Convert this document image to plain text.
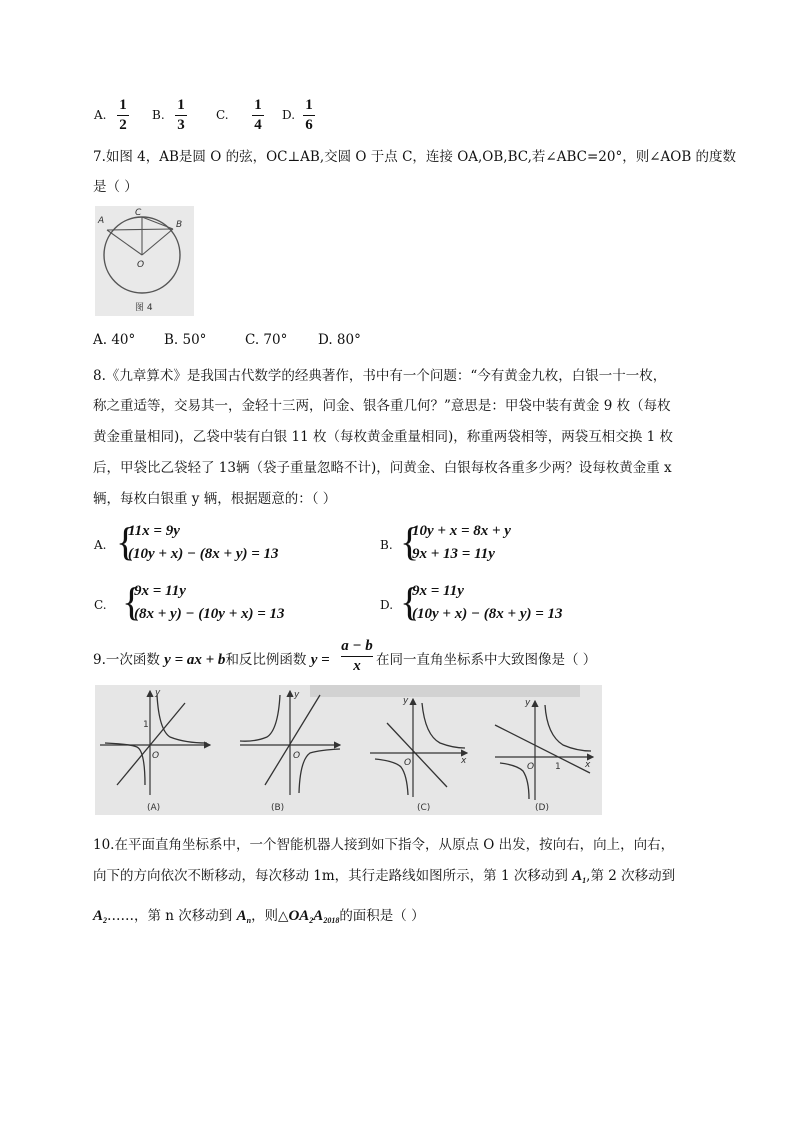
A.
1
2
B.
1
3
C.
1
4
D.
1
6
7.如图 4，AB是圆 O 的弦，OC⊥AB,交圆 O 于点 C，连接 OA,OB,BC,若∠ABC=20°，则∠AOB 的度数
是（ ）
A
C
B
O
图 4
A. 40° B. 50°	C. 70° D. 80°
8.《九章算术》是我国古代数学的经典著作，书中有一个问题：“今有黄金九枚，白银一十一枚，
称之重适等，交易其一，金轻十三两，问金、银各重几何？”意思是：甲袋中装有黄金 9 枚（每枚
黄金重量相同)，乙袋中装有白银 11 枚（每枚黄金重量相同)，称重两袋相等，两袋互相交换 1 枚
后，甲袋比乙袋轻了 13辆（袋子重量忽略不计)，问黄金、白银每枚各重多少两？设每枚黄金重 x
辆，每枚白银重 y 辆，根据题意的：（ ）
A. {
11x = 9y
(10y + x) − (8x + y) = 13
B. {
10y + x = 8x + y
9x + 13 = 11y
C. {
9x = 11y
(8x + y) − (10y + x) = 13
D. {
9x = 11y
(10y + x) − (8x + y) = 13
9.一次函数 y = ax + b和反比例函数 y =
a − b
x 在同一直角坐标系中大致图像是（ ）
y
O
1
(A)
y
O
(B)
y
O	x
(C)
y
O 1	x
(D)
10.在平面直角坐标系中，一个智能机器人接到如下指令，从原点 O 出发，按向右，向上，向右，
向下的方向依次不断移动，每次移动 1m，其行走路线如图所示，第 1 次移动到 $A_1$,第 2 次移动到
$A_2\dots\dots$，第 n 次移动到 $A_n$，则$\triangle OA_2A_{2018}$的面积是（ ）
